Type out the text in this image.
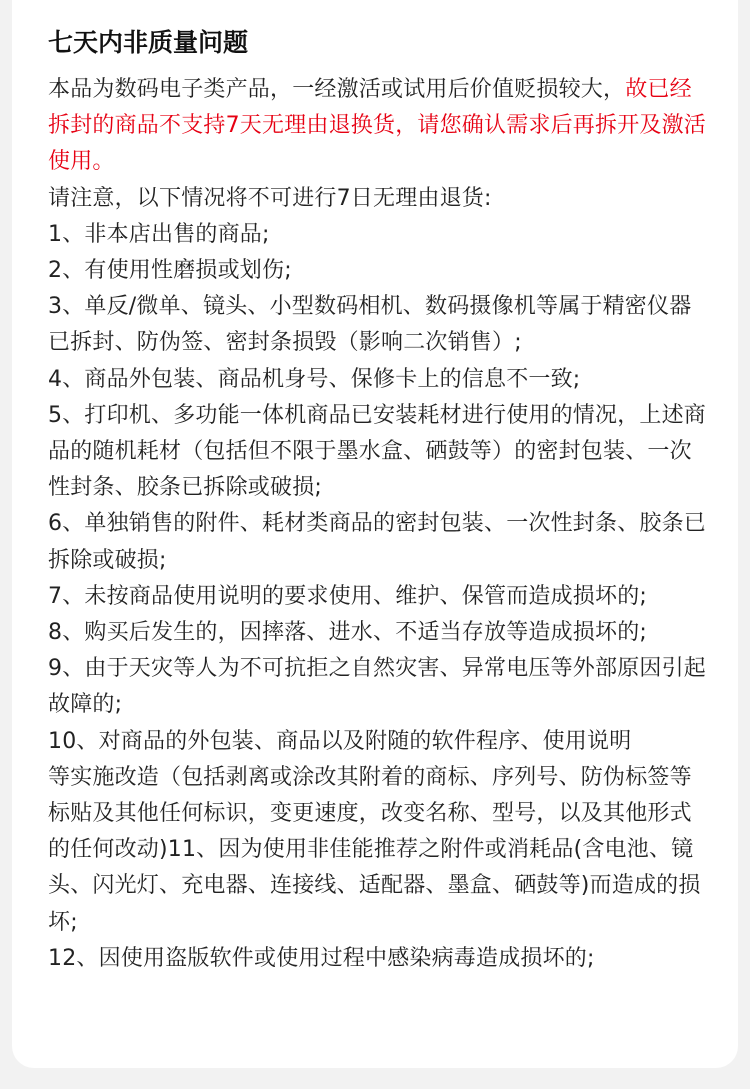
七天内非质量问题

本品为数码电子类产品，一经激活或试用后价值贬损较大，故已经拆封的商品不支持7天无理由退换货，请您确认需求后再拆开及激活使用。

请注意，以下情况将不可进行7日无理由退货:

1、非本店出售的商品;

2、有使用性磨损或划伤;

3、单反/微单、镜头、小型数码相机、数码摄像机等属于精密仪器已拆封、防伪签、密封条损毁（影响二次销售）;

4、商品外包装、商品机身号、保修卡上的信息不一致;

5、打印机、多功能一体机商品已安装耗材进行使用的情况，上述商品的随机耗材（包括但不限于墨水盒、硒鼓等）的密封包装、一次性封条、胶条已拆除或破损;

6、单独销售的附件、耗材类商品的密封包装、一次性封条、胶条已拆除或破损;

7、未按商品使用说明的要求使用、维护、保管而造成损坏的;

8、购买后发生的，因摔落、进水、不适当存放等造成损坏的;

9、由于天灾等人为不可抗拒之自然灾害、异常电压等外部原因引起故障的;

10、对商品的外包装、商品以及附随的软件程序、使用说明

等实施改造（包括剥离或涂改其附着的商标、序列号、防伪标签等标贴及其他任何标识，变更速度，改变名称、型号，以及其他形式的任何改动)11、因为使用非佳能推荐之附件或消耗品(含电池、镜头、闪光灯、充电器、连接线、适配器、墨盒、硒鼓等)而造成的损坏;

12、因使用盗版软件或使用过程中感染病毒造成损坏的;
